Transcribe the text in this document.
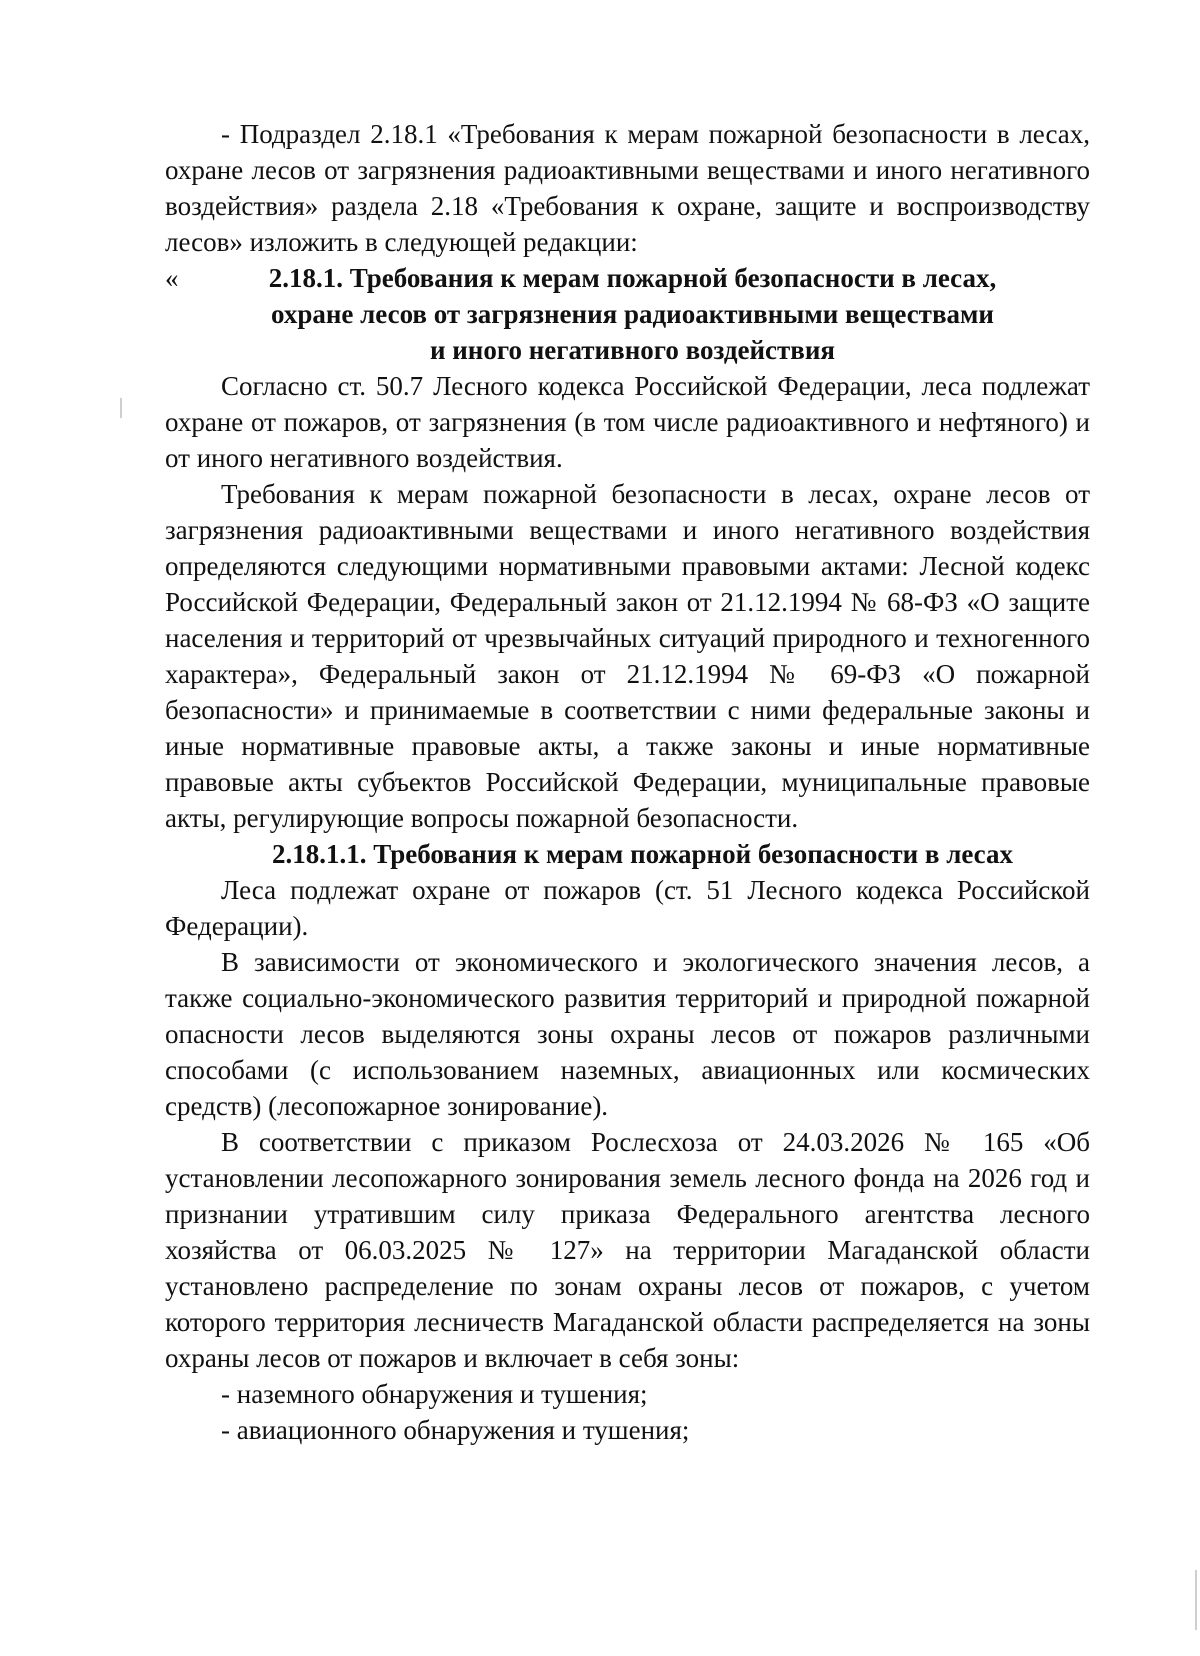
- Подраздел 2.18.1 «Требования к мерам пожарной безопасности в лесах, охране лесов от загрязнения радиоактивными веществами и иного негативного воздействия» раздела 2.18 «Требования к охране, защите и воспроизводству лесов» изложить в следующей редакции:

«	2.18.1. Требования к мерам пожарной безопасности в лесах,
охране лесов от загрязнения радиоактивными веществами
и иного негативного воздействия

Согласно ст. 50.7 Лесного кодекса Российской Федерации, леса подлежат охране от пожаров, от загрязнения (в том числе радиоактивного и нефтяного) и от иного негативного воздействия.

Требования к мерам пожарной безопасности в лесах, охране лесов от загрязнения радиоактивными веществами и иного негативного воздействия определяются следующими нормативными правовыми актами: Лесной кодекс Российской Федерации, Федеральный закон от 21.12.1994 № 68-ФЗ «О защите населения и территорий от чрезвычайных ситуаций природного и техногенного характера», Федеральный закон от 21.12.1994 № 69-ФЗ «О пожарной безопасности» и принимаемые в соответствии с ними федеральные законы и иные нормативные правовые акты, а также законы и иные нормативные правовые акты субъектов Российской Федерации, муниципальные правовые акты, регулирующие вопросы пожарной безопасности.

2.18.1.1. Требования к мерам пожарной безопасности в лесах

Леса подлежат охране от пожаров (ст. 51 Лесного кодекса Российской Федерации).

В зависимости от экономического и экологического значения лесов, а также социально-экономического развития территорий и природной пожарной опасности лесов выделяются зоны охраны лесов от пожаров различными способами (с использованием наземных, авиационных или космических средств) (лесопожарное зонирование).

В соответствии с приказом Рослесхоза от 24.03.2026 № 165 «Об установлении лесопожарного зонирования земель лесного фонда на 2026 год и признании утратившим силу приказа Федерального агентства лесного хозяйства от 06.03.2025 № 127» на территории Магаданской области установлено распределение по зонам охраны лесов от пожаров, с учетом которого территория лесничеств Магаданской области распределяется на зоны охраны лесов от пожаров и включает в себя зоны:

- наземного обнаружения и тушения;

- авиационного обнаружения и тушения;
